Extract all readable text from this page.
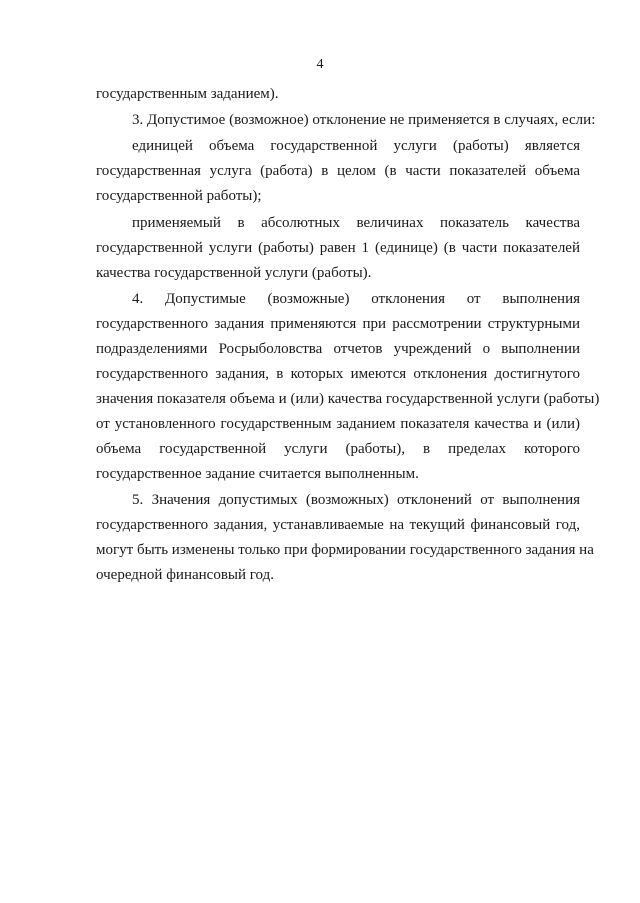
4
государственным заданием).
3. Допустимое (возможное) отклонение не применяется в случаях, если:
единицей объема государственной услуги (работы) является
государственная услуга (работа) в целом (в части показателей объема
государственной работы);
применяемый в абсолютных величинах показатель качества
государственной услуги (работы) равен 1 (единице) (в части показателей
качества государственной услуги (работы).
4. Допустимые (возможные) отклонения от выполнения
государственного задания применяются при рассмотрении структурными
подразделениями Росрыболовства отчетов учреждений о выполнении
государственного задания, в которых имеются отклонения достигнутого
значения показателя объема и (или) качества государственной услуги (работы)
от установленного государственным заданием показателя качества и (или)
объема государственной услуги (работы), в пределах которого
государственное задание считается выполненным.
5. Значения допустимых (возможных) отклонений от выполнения
государственного задания, устанавливаемые на текущий финансовый год,
могут быть изменены только при формировании государственного задания на
очередной финансовый год.
